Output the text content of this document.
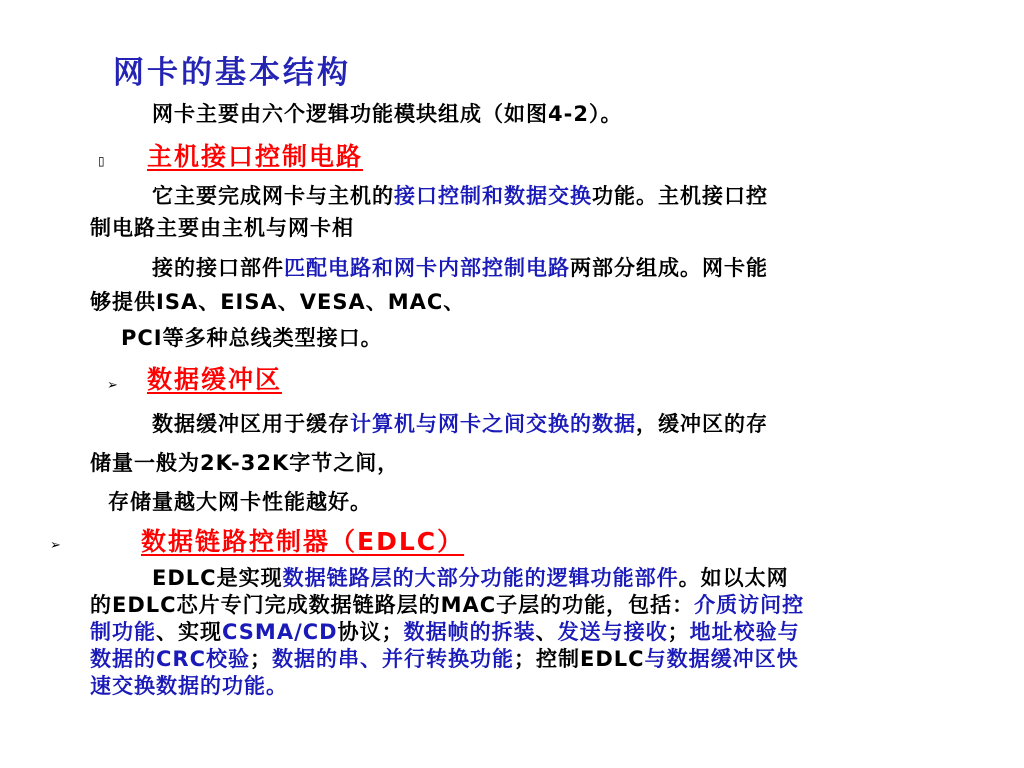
网卡的基本结构
网卡主要由六个逻辑功能模块组成（如图4-2）。
▯ 主机接口控制电路
它主要完成网卡与主机的接口控制和数据交换功能。主机接口控
制电路主要由主机与网卡相
接的接口部件匹配电路和网卡内部控制电路两部分组成。网卡能
够提供ISA、EISA、VESA、MAC、
PCI等多种总线类型接口。
➢ 数据缓冲区
数据缓冲区用于缓存计算机与网卡之间交换的数据，缓冲区的存
储量一般为2K-32K字节之间，
存储量越大网卡性能越好。
➢	数据链路控制器（EDLC）
EDLC是实现数据链路层的大部分功能的逻辑功能部件。如以太网
的EDLC芯片专门完成数据链路层的MAC子层的功能，包括：介质访问控
制功能、实现CSMA/CD协议；数据帧的拆装、发送与接收；地址校验与
数据的CRC校验；数据的串、并行转换功能；控制EDLC与数据缓冲区快
速交换数据的功能。
